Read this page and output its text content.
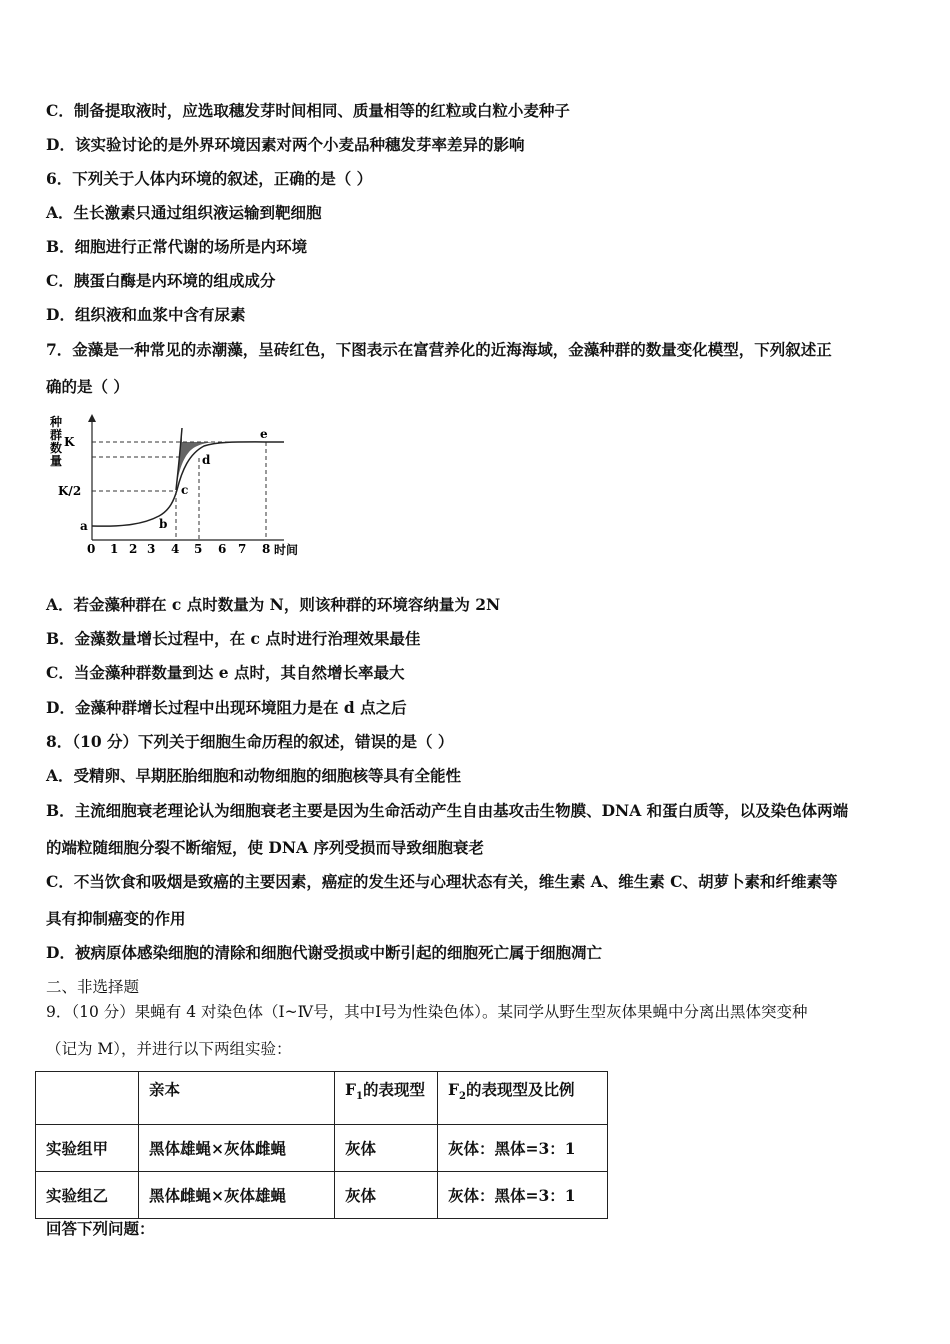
C．制备提取液时，应选取穗发芽时间相同、质量相等的红粒或白粒小麦种子
D．该实验讨论的是外界环境因素对两个小麦品种穗发芽率差异的影响
6．下列关于人体内环境的叙述，正确的是（ ）
A．生长激素只通过组织液运输到靶细胞
B．细胞进行正常代谢的场所是内环境
C．胰蛋白酶是内环境的组成成分
D．组织液和血浆中含有尿素
7．金藻是一种常见的赤潮藻，呈砖红色，下图表示在富营养化的近海海域，金藻种群的数量变化模型，下列叙述正
确的是（ ）
K
K/2
种
群
数
量
0 1 2 3 4 5 6 7 8 时间
a	b
c
d
e
A．若金藻种群在 c 点时数量为 N，则该种群的环境容纳量为 2N
B．金藻数量增长过程中，在 c 点时进行治理效果最佳
C．当金藻种群数量到达 e 点时，其自然增长率最大
D．金藻种群增长过程中出现环境阻力是在 d 点之后
8．（10 分）下列关于细胞生命历程的叙述，错误的是（ ）
A．受精卵、早期胚胎细胞和动物细胞的细胞核等具有全能性
B．主流细胞衰老理论认为细胞衰老主要是因为生命活动产生自由基攻击生物膜、DNA 和蛋白质等，以及染色体两端
的端粒随细胞分裂不断缩短，使 DNA 序列受损而导致细胞衰老
C．不当饮食和吸烟是致癌的主要因素，癌症的发生还与心理状态有关，维生素 A、维生素 C、胡萝卜素和纤维素等
具有抑制癌变的作用
D．被病原体感染细胞的清除和细胞代谢受损或中断引起的细胞死亡属于细胞凋亡
二、非选择题
9．（10 分）果蝇有 4 对染色体（Ⅰ~Ⅳ号，其中Ⅰ号为性染色体）。某同学从野生型灰体果蝇中分离出黑体突变种
（记为 M），并进行以下两组实验：
	亲本	$F_1$的表现型	$F_2$的表现型及比例
实验组甲	黑体雄蝇×灰体雌蝇	灰体	灰体：黑体=3：1
实验组乙	黑体雌蝇×灰体雄蝇	灰体	灰体：黑体=3：1
回答下列问题：
